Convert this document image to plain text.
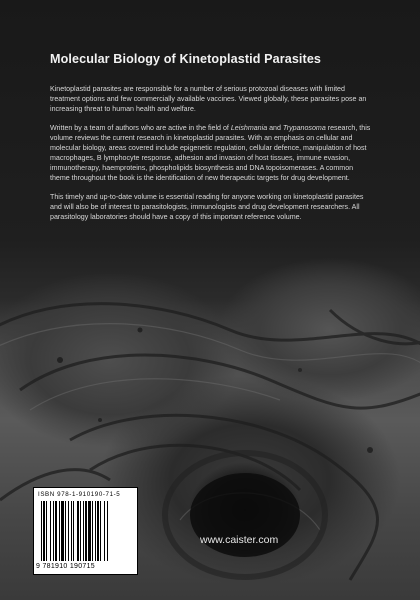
Molecular Biology of Kinetoplastid Parasites

Kinetoplastid parasites are responsible for a number of serious protozoal diseases with limited treatment options and few commercially available vaccines. Viewed globally, these parasites pose an increasing threat to human health and welfare.

Written by a team of authors who are active in the field of Leishmania and Trypanosoma research, this volume reviews the current research in kinetoplastid parasites. With an emphasis on cellular and molecular biology, areas covered include epigenetic regulation, cellular defence, manipulation of host macrophages, B lymphocyte response, adhesion and invasion of host tissues, immune evasion, immunotherapy, haemproteins, phospholipids biosynthesis and DNA topoisomerases. A common theme throughout the book is the identification of new therapeutic targets for drug development.

This timely and up-to-date volume is essential reading for anyone working on kinetoplastid parasites and will also be of interest to parasitologists, immunologists and drug development researchers. All parasitology laboratories should have a copy of this important reference volume.

ISBN 978-1-910190-71-5
9 781910 190715
www.caister.com
